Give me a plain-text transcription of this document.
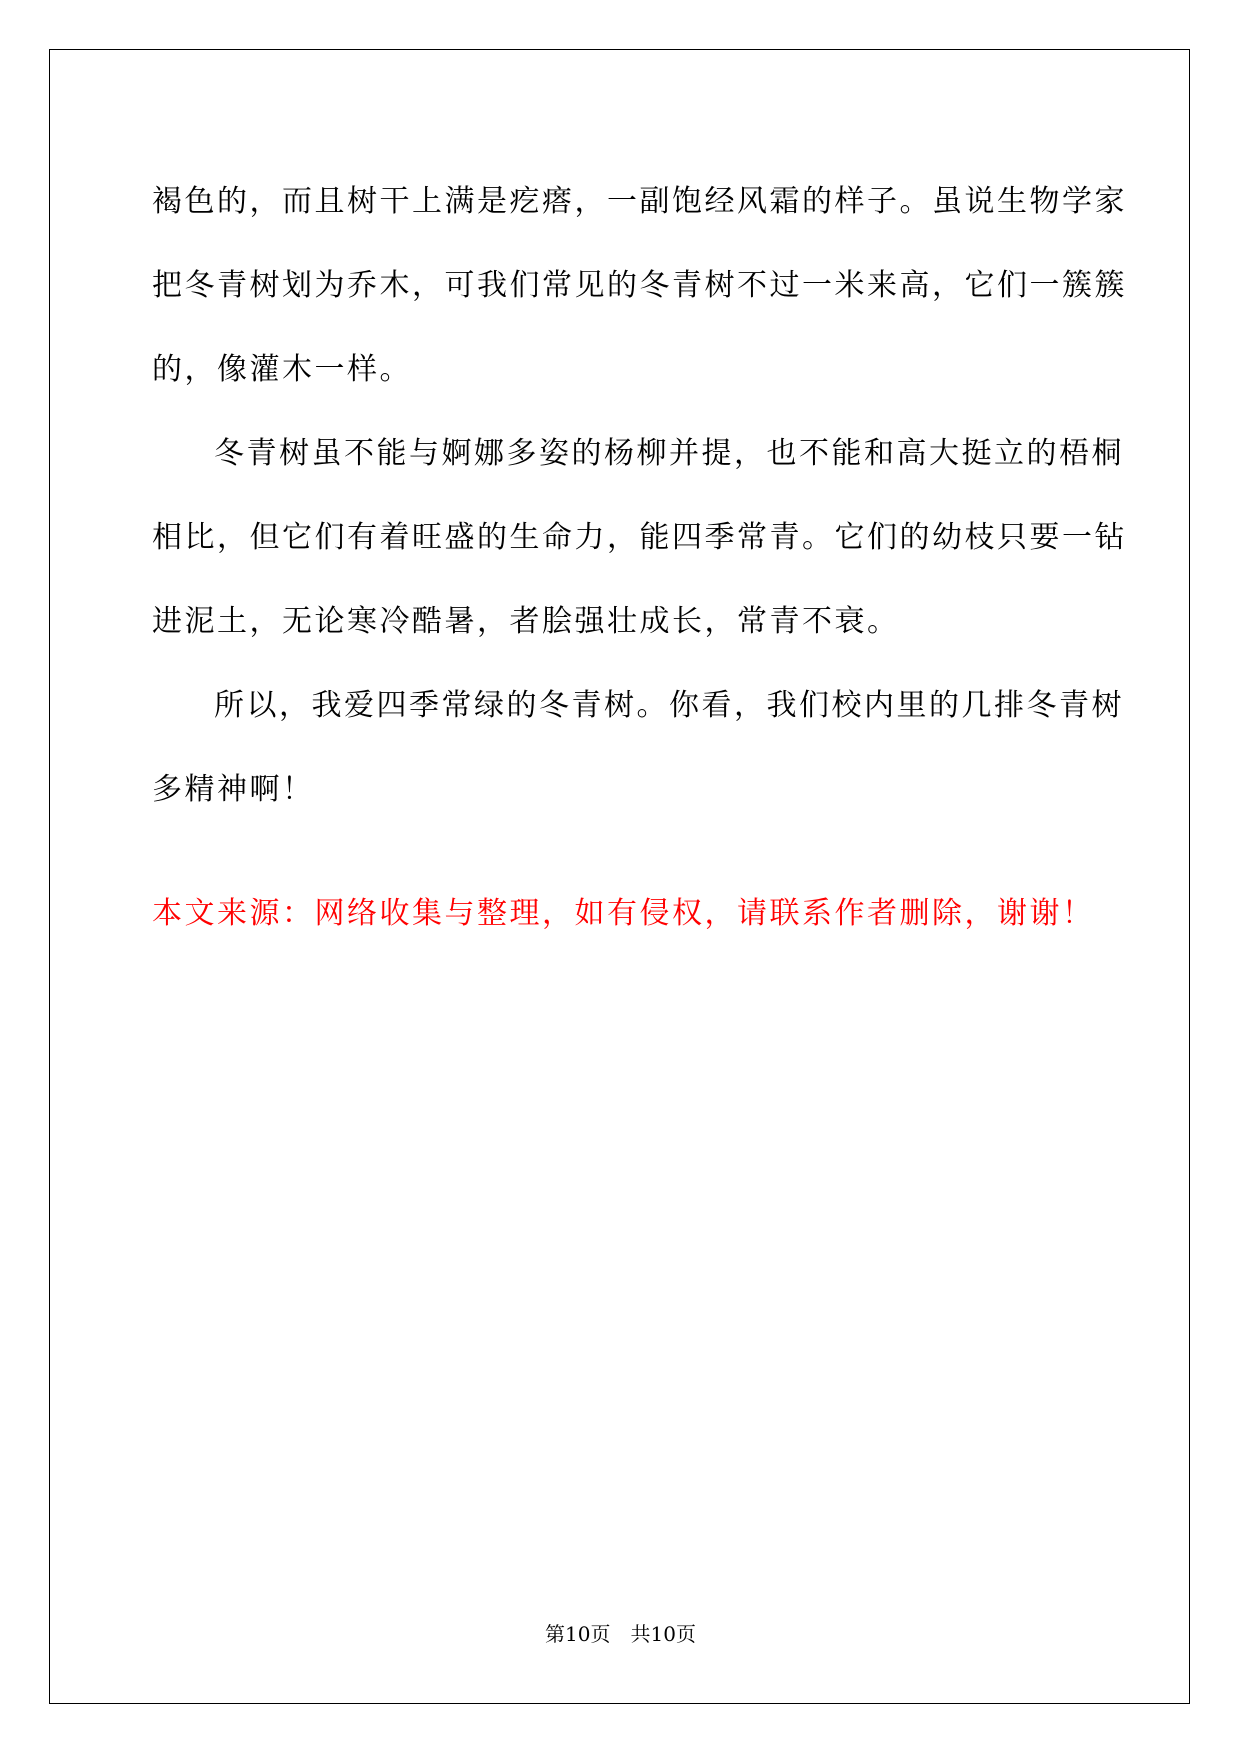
褐色的，而且树干上满是疙瘩，一副饱经风霜的样子。虽说生物学家
把冬青树划为乔木，可我们常见的冬青树不过一米来高，它们一簇簇
的，像灌木一样。
冬青树虽不能与婀娜多姿的杨柳并提，也不能和高大挺立的梧桐
相比，但它们有着旺盛的生命力，能四季常青。它们的幼枝只要一钻
进泥土，无论寒冷酷暑，者脍强壮成长，常青不衰。
所以，我爱四季常绿的冬青树。你看，我们校内里的几排冬青树
多精神啊！
本文来源：网络收集与整理，如有侵权，请联系作者删除，谢谢！
第10页　共10页
